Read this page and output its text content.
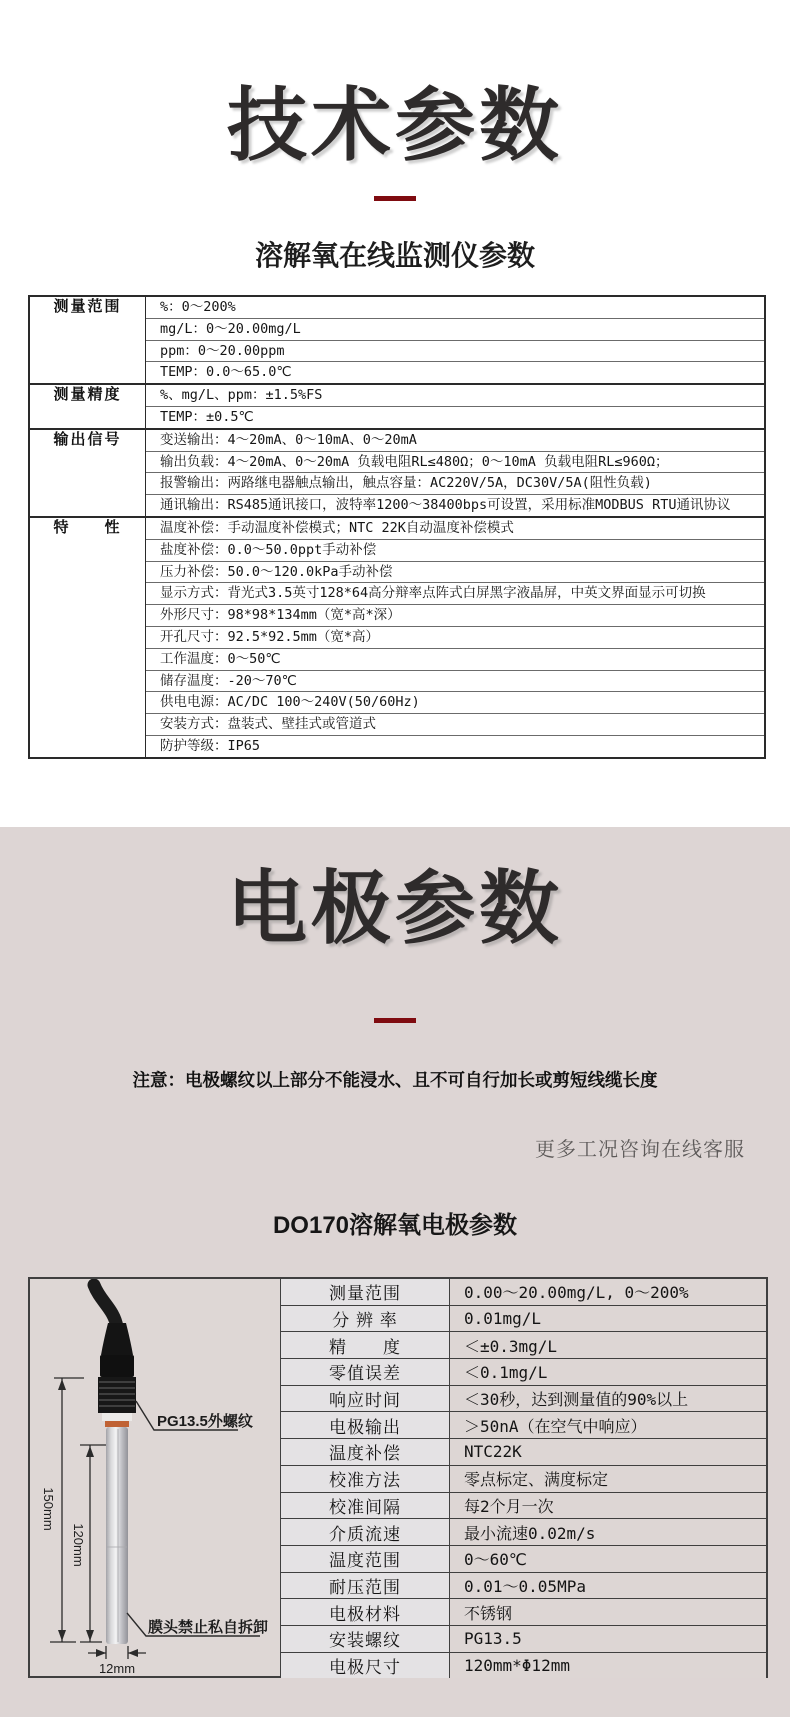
技术参数
溶解氧在线监测仪参数
测量范围	%：0～200%
	mg/L：0～20.00mg/L
	ppm：0～20.00ppm
	TEMP：0.0～65.0℃
测量精度	%、mg/L、ppm：±1.5%FS
	TEMP：±0.5℃
输出信号	变送输出：4～20mA、0～10mA、0～20mA
	输出负载：4～20mA、0～20mA 负载电阻RL≤480Ω；0～10mA 负载电阻RL≤960Ω；
	报警输出：两路继电器触点输出，触点容量：AC220V/5A，DC30V/5A(阻性负载)
	通讯输出：RS485通讯接口，波特率1200～38400bps可设置，采用标准MODBUS RTU通讯协议
特　　性	温度补偿：手动温度补偿模式；NTC 22K自动温度补偿模式
	盐度补偿：0.0～50.0ppt手动补偿
	压力补偿：50.0～120.0kPa手动补偿
	显示方式：背光式3.5英寸128*64高分辩率点阵式白屏黑字液晶屏，中英文界面显示可切换
	外形尺寸：98*98*134mm（宽*高*深）
	开孔尺寸：92.5*92.5mm（宽*高）
	工作温度：0～50℃
	储存温度：-20～70℃
	供电电源：AC/DC 100～240V(50/60Hz)
	安装方式：盘装式、壁挂式或管道式
	防护等级：IP65
电极参数

注意：电极螺纹以上部分不能浸水、且不可自行加长或剪短线缆长度

更多工况咨询在线客服

DO170溶解氧电极参数
150mm
120mm
12mm
PG13.5外螺纹
膜头禁止私自拆卸
测量范围	0.00～20.00mg/L, 0～200%
分 辨 率	0.01mg/L
精　　度	＜±0.3mg/L
零值误差	＜0.1mg/L
响应时间	＜30秒，达到测量值的90%以上
电极输出	＞50nA（在空气中响应）
温度补偿	NTC22K
校准方法	零点标定、满度标定
校准间隔	每2个月一次
介质流速	最小流速0.02m/s
温度范围	0～60℃
耐压范围	0.01～0.05MPa
电极材料	不锈钢
安装螺纹	PG13.5
电极尺寸	120mm*Φ12mm
